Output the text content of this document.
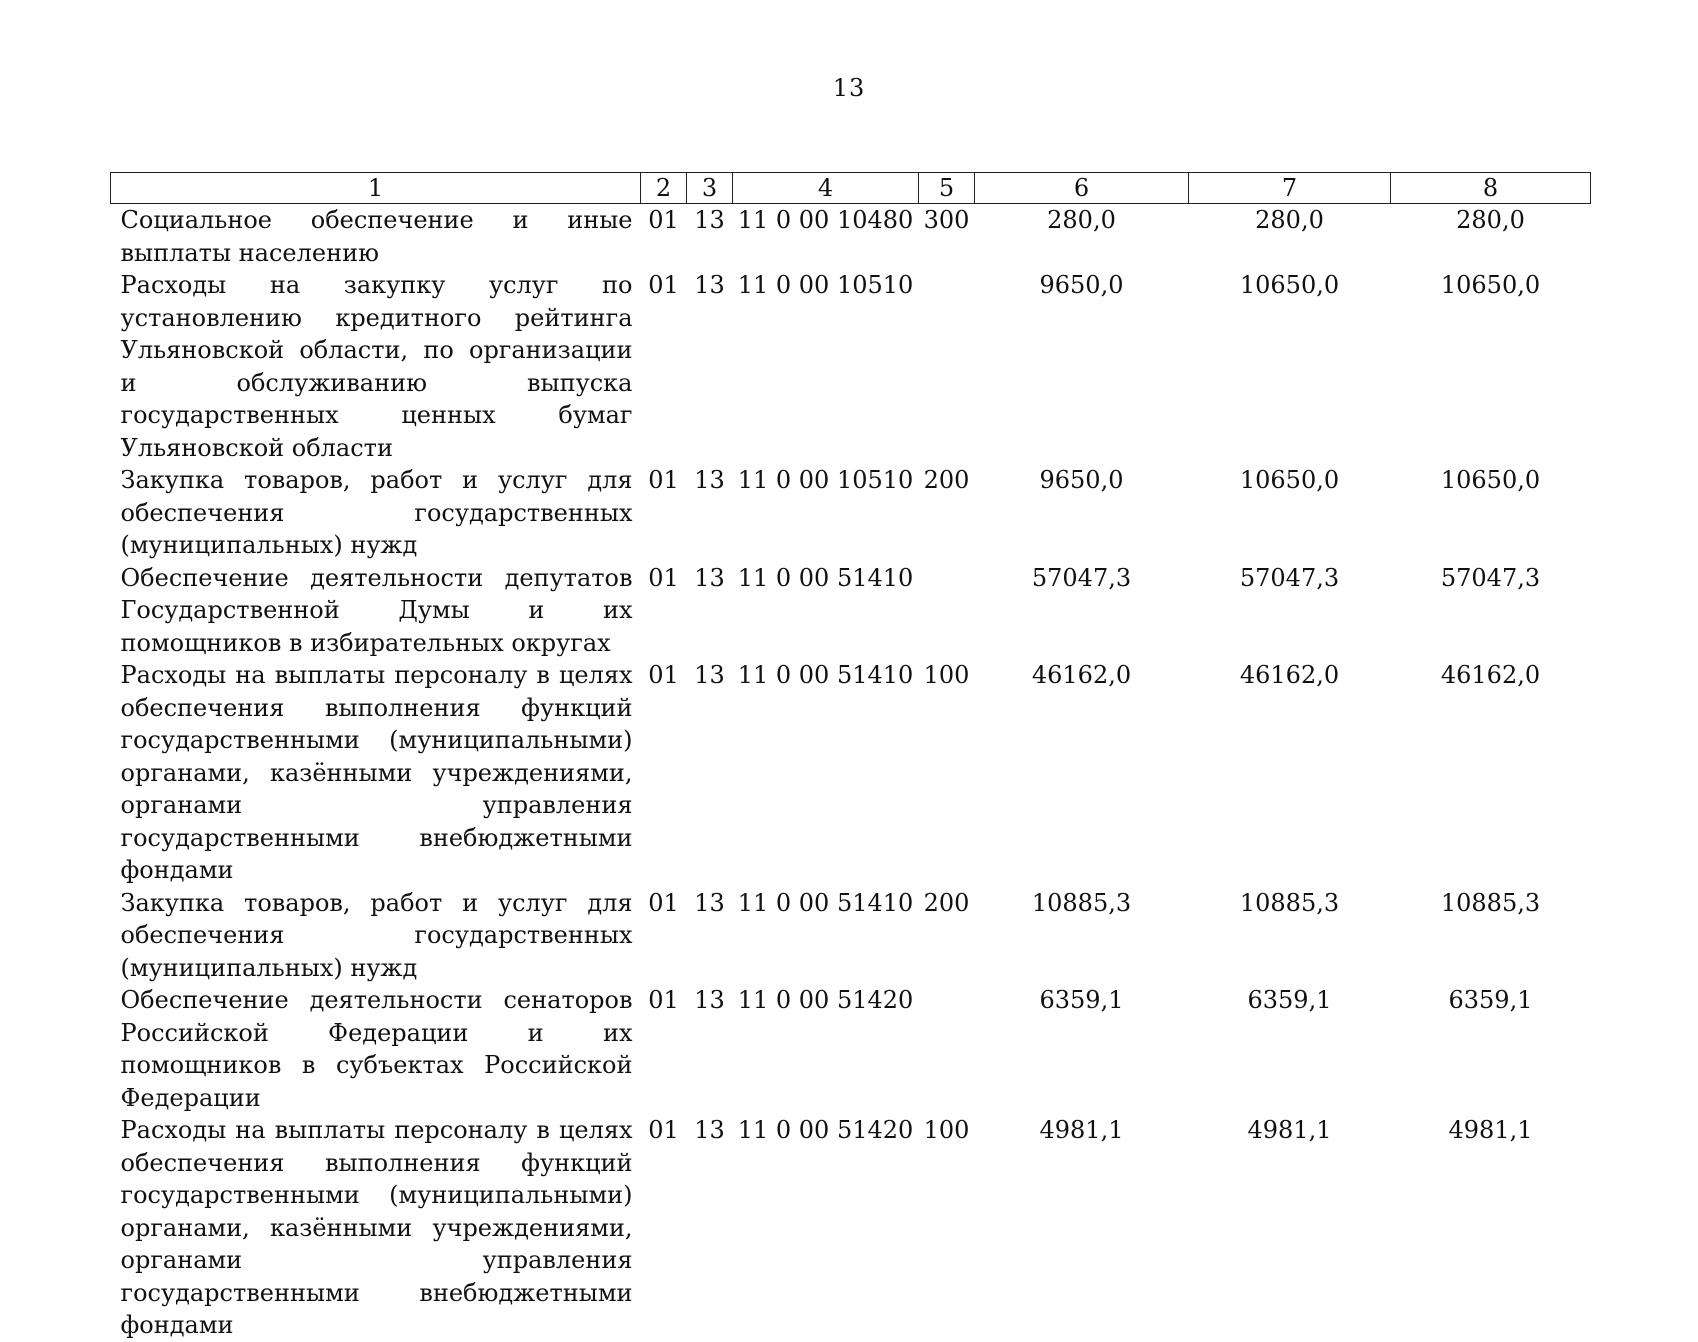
13
1	2	3	4	5	6	7	8
Социальное обеспечение и иные выплаты населению	01	13	11 0 00 10480	300	280,0	280,0	280,0
Расходы на закупку услуг по установлению кредитного рейтинга Ульяновской области, по организации и обслуживанию выпуска государственных ценных бумаг Ульяновской области	01	13	11 0 00 10510		9650,0	10650,0	10650,0
Закупка товаров, работ и услуг для обеспечения государственных (муниципальных) нужд	01	13	11 0 00 10510	200	9650,0	10650,0	10650,0
Обеспечение деятельности депутатов Государственной Думы и их помощников в избирательных округах	01	13	11 0 00 51410		57047,3	57047,3	57047,3
Расходы на выплаты персоналу в целях обеспечения выполнения функций государственными (муниципальными) органами, казёнными учреждениями, органами управления государственными внебюджетными фондами	01	13	11 0 00 51410	100	46162,0	46162,0	46162,0
Закупка товаров, работ и услуг для обеспечения государственных (муниципальных) нужд	01	13	11 0 00 51410	200	10885,3	10885,3	10885,3
Обеспечение деятельности сенаторов Российской Федерации и их помощников в субъектах Российской Федерации	01	13	11 0 00 51420		6359,1	6359,1	6359,1
Расходы на выплаты персоналу в целях обеспечения выполнения функций государственными (муниципальными) органами, казёнными учреждениями, органами управления государственными внебюджетными фондами	01	13	11 0 00 51420	100	4981,1	4981,1	4981,1
